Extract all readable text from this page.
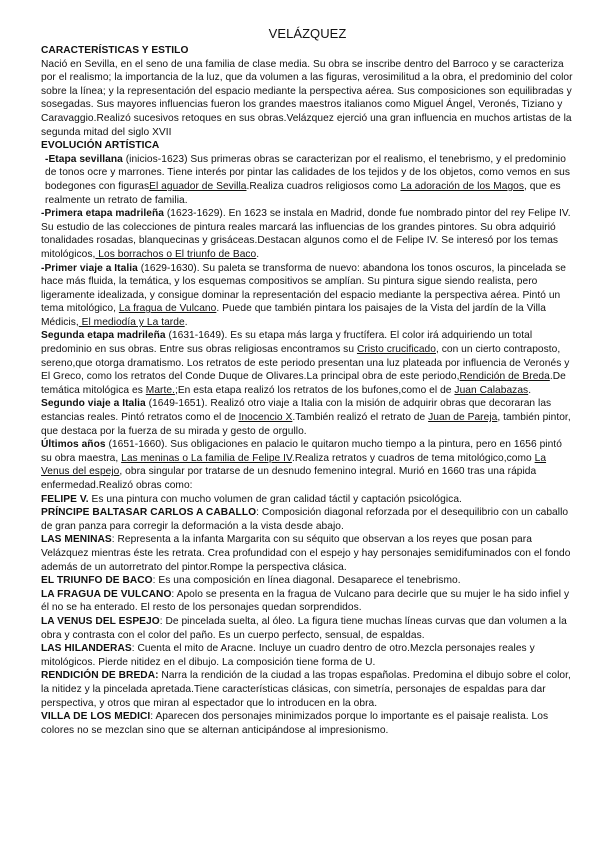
VELÁZQUEZ
CARACTERÍSTICAS Y ESTILO

Nació en Sevilla, en el seno de una familia de clase media. Su obra se inscribe dentro del Barroco y se caracteriza por el realismo; la importancia de la luz, que da volumen a las figuras, verosimilitud a la obra, el predominio del color sobre la línea; y la representación del espacio mediante la perspectiva aérea. Sus composiciones son equilibradas y sosegadas. Sus mayores influencias fueron los grandes maestros italianos como Miguel Ángel, Veronés, Tiziano y Caravaggio.Realizó sucesivos retoques en sus obras.Velázquez ejerció una gran influencia en muchos artistas de la segunda mitad del siglo XVII

EVOLUCIÓN ARTÍSTICA

-Etapa sevillana (inicios-1623) Sus primeras obras se caracterizan por el realismo, el tenebrismo, y el predominio de tonos ocre y marrones. Tiene interés por pintar las calidades de los tejidos y de los objetos, como vemos en sus bodegones con figurasEl aguador de Sevilla.Realiza cuadros religiosos como La adoración de los Magos, que es realmente un retrato de familia.

-Primera etapa madrileña (1623-1629). En 1623 se instala en Madrid, donde fue nombrado pintor del rey Felipe IV. Su estudio de las colecciones de pintura reales marcará las influencias de los grandes pintores. Su obra adquirió tonalidades rosadas, blanquecinas y grisáceas.Destacan algunos como el de Felipe IV. Se interesó por los temas mitológicos, Los borrachos o El triunfo de Baco.

-Primer viaje a Italia (1629-1630). Su paleta se transforma de nuevo: abandona los tonos oscuros, la pincelada se hace más fluida, la temática, y los esquemas compositivos se amplían. Su pintura sigue siendo realista, pero ligeramente idealizada, y consigue dominar la representación del espacio mediante la perspectiva aérea. Pintó un tema mitológico, La fragua de Vulcano. Puede que también pintara los paisajes de la Vista del jardín de la Villa Médicis, El mediodía y La tarde.

Segunda etapa madrileña (1631-1649). Es su etapa más larga y fructífera. El color irá adquiriendo un total predominio en sus obras. Entre sus obras religiosas encontramos su Cristo crucificado, con un cierto contraposto, sereno,que otorga dramatismo. Los retratos de este periodo presentan una luz plateada por influencia de Veronés y El Greco, como los retratos del Conde Duque de Olivares.La principal obra de este periodo,Rendición de Breda.De temática mitológica es Marte.;En esta etapa realizó los retratos de los bufones,como el de Juan Calabazas.

Segundo viaje a Italia (1649-1651). Realizó otro viaje a Italia con la misión de adquirir obras que decoraran las estancias reales. Pintó retratos como el de Inocencio X.También realizó el retrato de Juan de Pareja, también pintor, que destaca por la fuerza de su mirada y gesto de orgullo.

Últimos años (1651-1660). Sus obligaciones en palacio le quitaron mucho tiempo a la pintura, pero en 1656 pintó su obra maestra, Las meninas o La familia de Felipe IV.Realiza retratos y cuadros de tema mitológico,como La Venus del espejo, obra singular por tratarse de un desnudo femenino integral. Murió en 1660 tras una rápida enfermedad.Realizó obras como:

FELIPE V. Es una pintura con mucho volumen de gran calidad táctil y captación psicológica.

PRÍNCIPE BALTASAR CARLOS A CABALLO: Composición diagonal reforzada por el desequilibrio con un caballo de gran panza para corregir la deformación a la vista desde abajo.

LAS MENINAS: Representa a la infanta Margarita con su séquito que observan a los reyes que posan para Velázquez mientras éste les retrata. Crea profundidad con el espejo y hay personajes semidifuminados con el fondo además de un autorretrato del pintor.Rompe la perspectiva clásica.

EL TRIUNFO DE BACO: Es una composición en línea diagonal. Desaparece el tenebrismo.

LA FRAGUA DE VULCANO: Apolo se presenta en la fragua de Vulcano para decirle que su mujer le ha sido infiel y él no se ha enterado. El resto de los personajes quedan sorprendidos.

LA VENUS DEL ESPEJO: De pincelada suelta, al óleo. La figura tiene muchas líneas curvas que dan volumen a la obra y contrasta con el color del paño. Es un cuerpo perfecto, sensual, de espaldas.

LAS HILANDERAS: Cuenta el mito de Aracne. Incluye un cuadro dentro de otro.Mezcla personajes reales y mitológicos. Pierde nitidez en el dibujo. La composición tiene forma de U.

RENDICIÓN DE BREDA: Narra la rendición de la ciudad a las tropas españolas. Predomina el dibujo sobre el color, la nitidez y la pincelada apretada.Tiene características clásicas, con simetría, personajes de espaldas para dar perspectiva, y otros que miran al espectador que lo introducen en la obra.

VILLA DE LOS MEDICI: Aparecen dos personajes minimizados porque lo importante es el paisaje realista. Los colores no se mezclan sino que se alternan anticipándose al impresionismo.
